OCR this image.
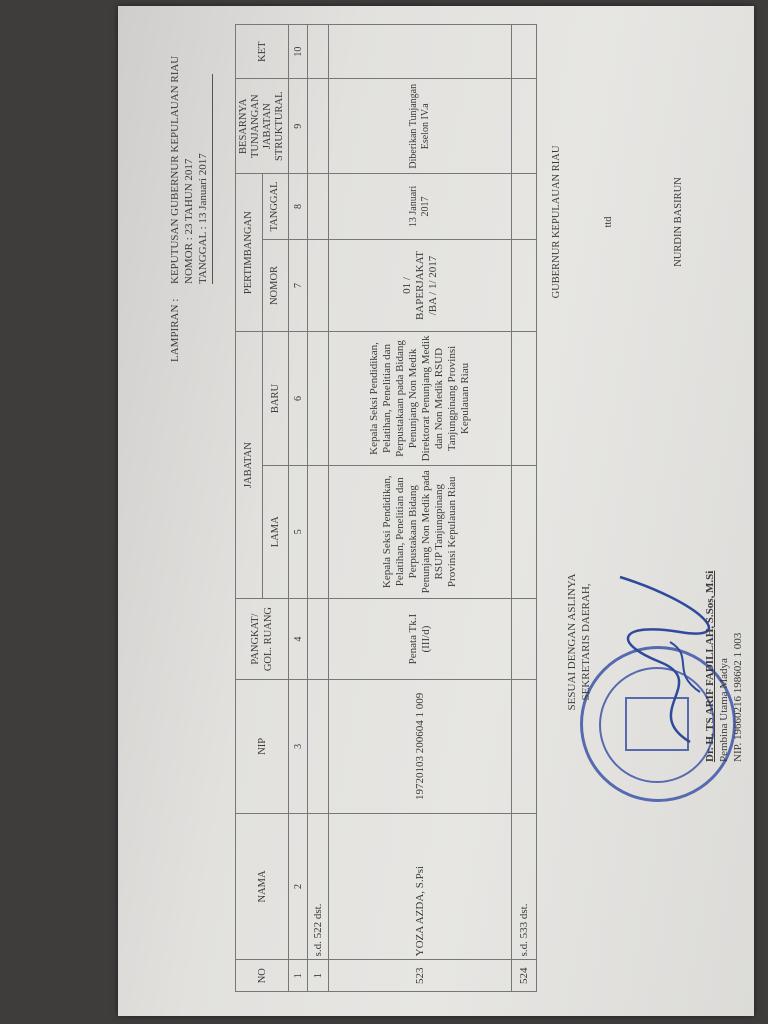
LAMPIRAN :KEPUTUSAN GUBERNUR KEPULAUAN RIAU NOMOR : 23 TAHUN 2017
TANGGAL : 13 Januari 2017
NO	NAMA	NIP	PANGKAT/ GOL. RUANG	JABATAN		PERTIMBANGAN		BESARNYA TUNJANGAN JABATAN STRUKTURAL	KET
				LAMA	BARU	NOMOR	TANGGAL		
1	2	3	4	5	6	7	8	9	10
1	s.d. 522 dst.								
523	YOZA AZDA, S.Psi	19720103 200604 1 009	Penata Tk.I (III/d)	Kepala Seksi Pendidikan, Pelatihan, Penelitian dan Perpustakaan Bidang Penunjang Non Medik pada RSUP Tanjungpinang Provinsi Kepulauan Riau	Kepala Seksi Pendidikan, Pelatihan, Penelitian dan Perpustakaan pada Bidang Penunjang Non Medik Direktorat Penunjang Medik dan Non Medik RSUD Tanjungpinang Provinsi Kepulauan Riau	01 / BAPERJAKAT /BA / 1/ 2017	13 Januari 2017	Diberikan Tunjangan Eselon IV.a	
524	s.d. 533 dst.								
SESUAI DENGAN ASLINYA SEKRETARIS DAERAH,	Dr. H. TS ARIF FADILLAH, S.Sos, M.Si Pembina Utama Madya NIP. 19660216 198602 1 003
GUBERNUR KEPULAUAN RIAU	ttd	NURDIN BASIRUN
